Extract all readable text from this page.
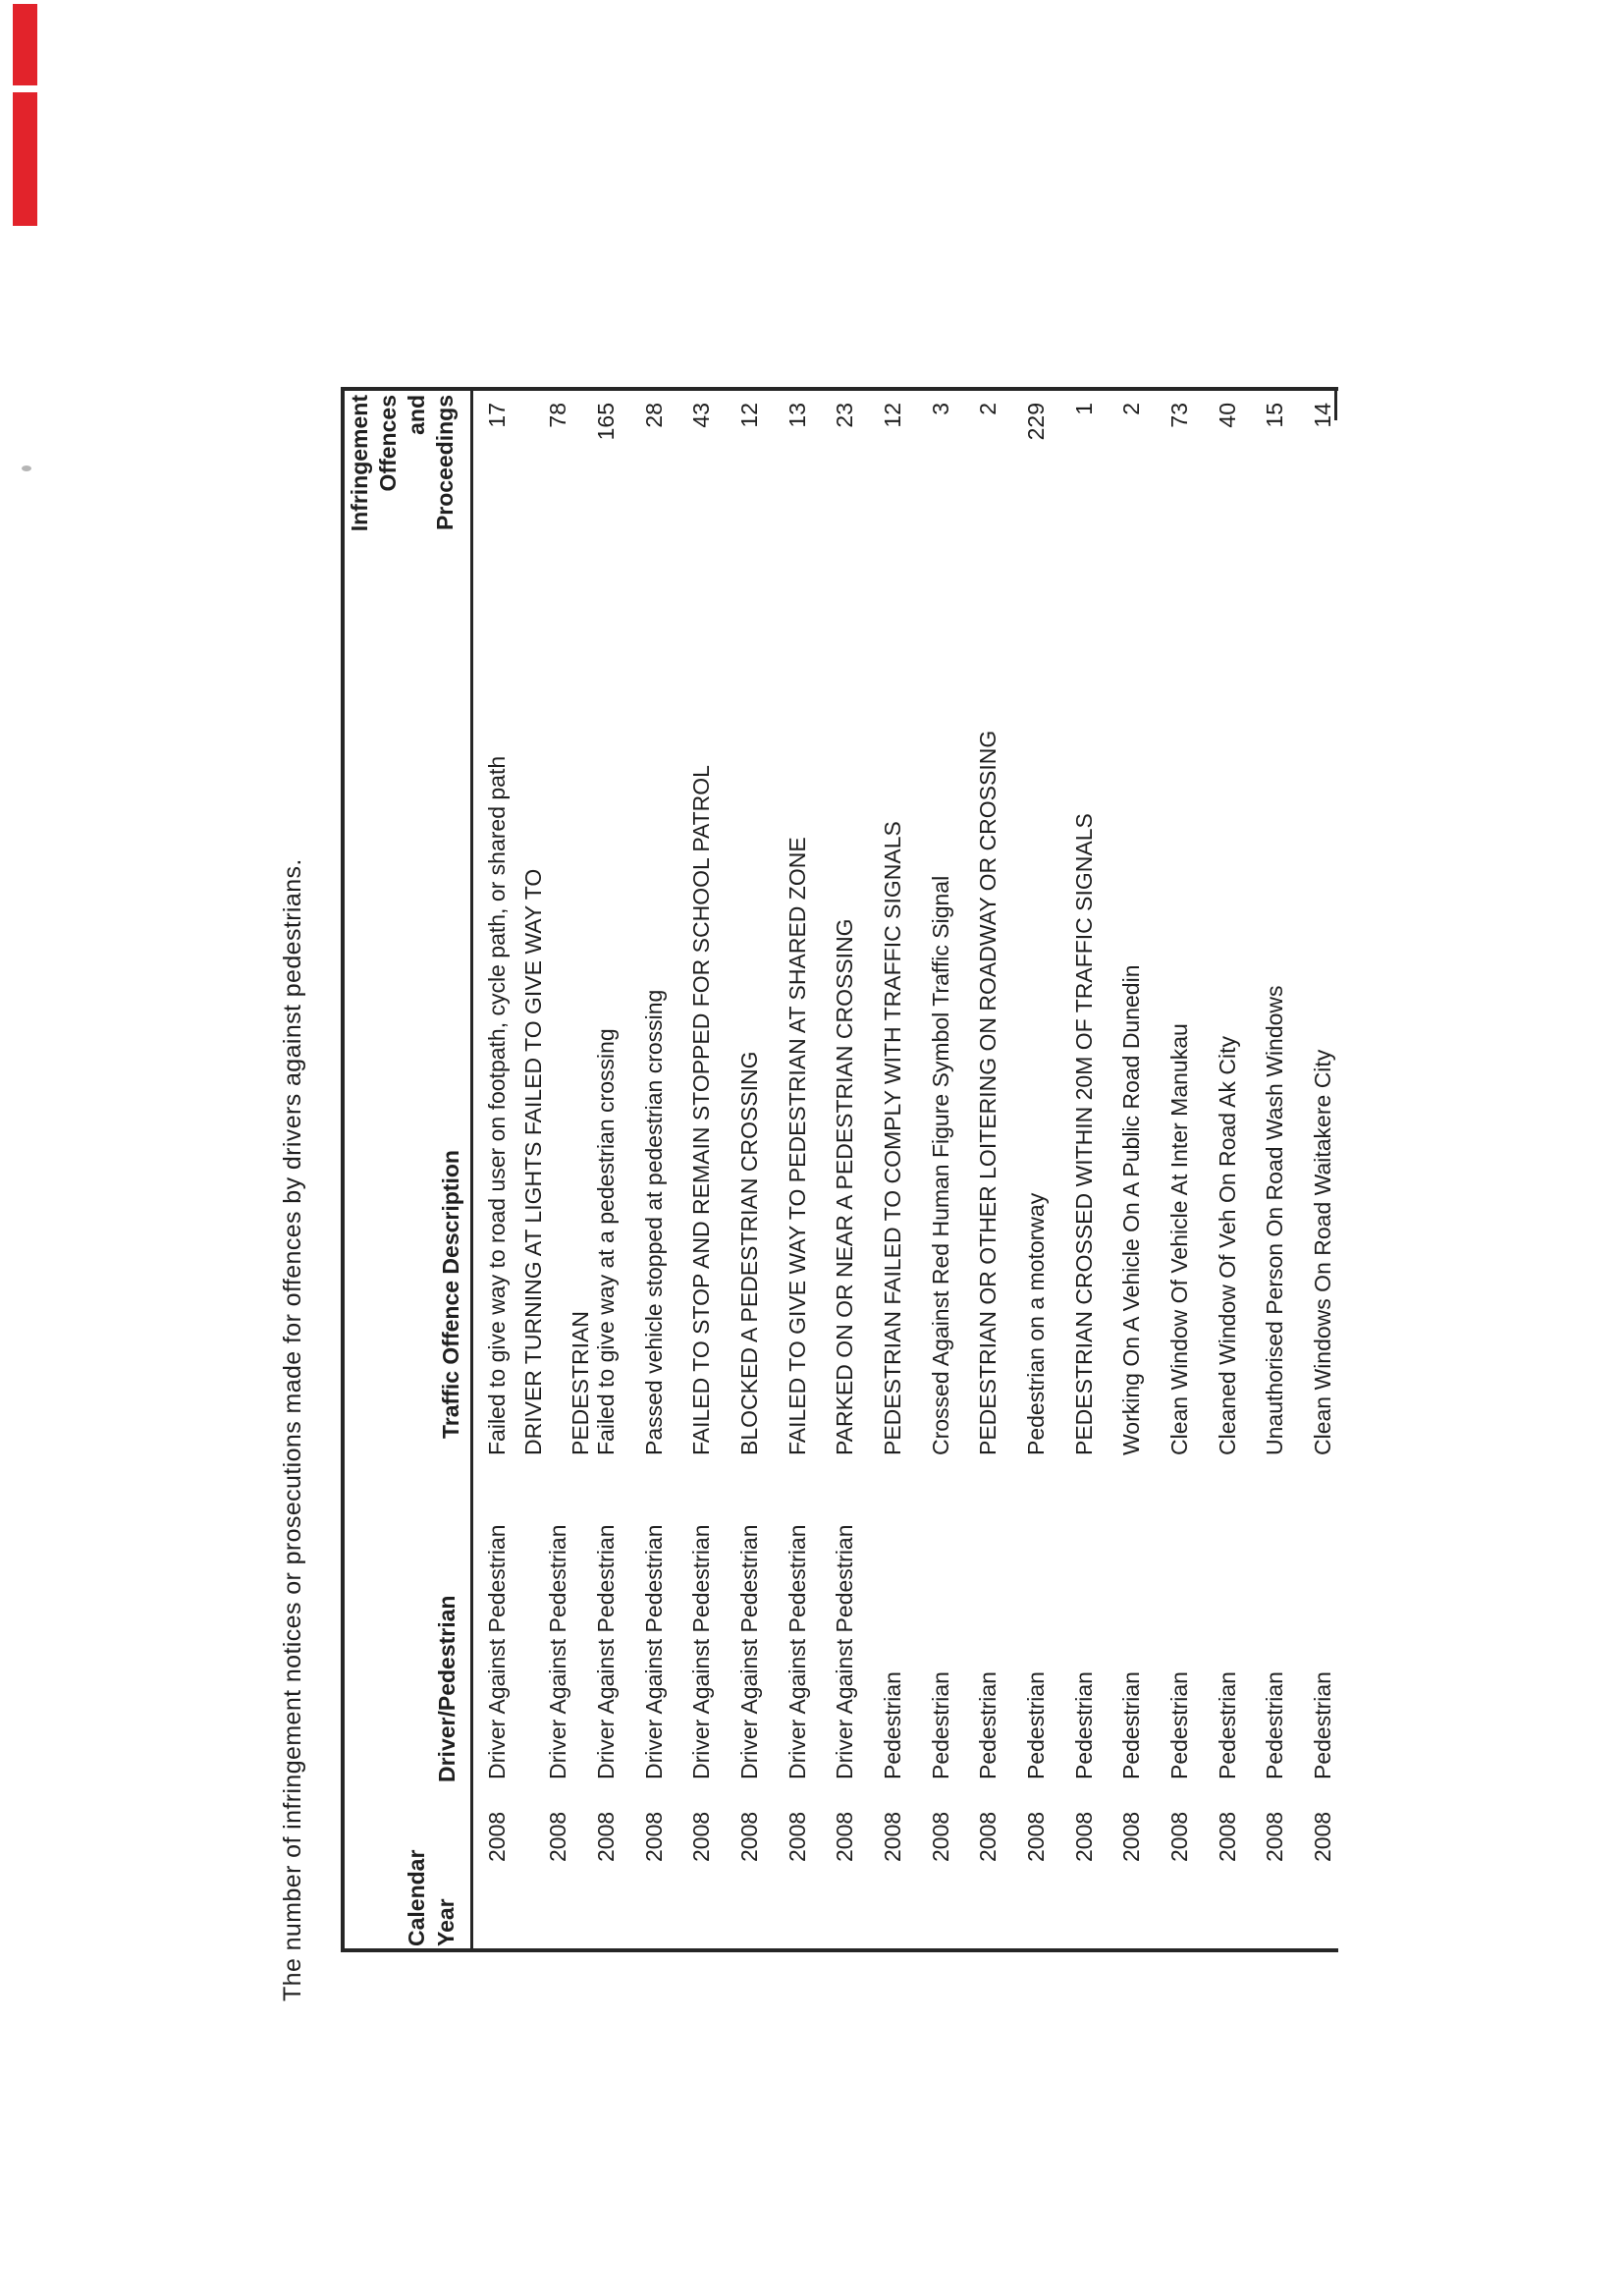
The number of infringement notices or prosecutions made for offences by drivers against pedestrians.	Calendar Year
Driver/Pedestrian
Traffic Offence Description
Infringement Offences and Proceedings
2008
Driver Against Pedestrian
Failed to give way to road user on footpath, cycle path, or shared path
17
2008
Driver Against Pedestrian
DRIVER TURNING AT LIGHTS FAILED TO GIVE WAY TO PEDESTRIAN
78
2008
Driver Against Pedestrian
Failed to give way at a pedestrian crossing
165
2008
Driver Against Pedestrian
Passed vehicle stopped at pedestrian crossing
28
2008
Driver Against Pedestrian
FAILED TO STOP AND REMAIN STOPPED FOR SCHOOL PATROL
43
2008
Driver Against Pedestrian
BLOCKED A PEDESTRIAN CROSSING
12
2008
Driver Against Pedestrian
FAILED TO GIVE WAY TO PEDESTRIAN AT SHARED ZONE
13
2008
Driver Against Pedestrian
PARKED ON OR NEAR A PEDESTRIAN CROSSING
23
2008
Pedestrian
PEDESTRIAN FAILED TO COMPLY WITH TRAFFIC SIGNALS
12
2008
Pedestrian
Crossed Against Red Human Figure Symbol Traffic Signal
3
2008
Pedestrian
PEDESTRIAN OR OTHER LOITERING ON ROADWAY OR CROSSING
2
2008
Pedestrian
Pedestrian on a motorway
229
2008
Pedestrian
PEDESTRIAN CROSSED WITHIN 20M OF TRAFFIC SIGNALS
1
2008
Pedestrian
Working On A Vehicle On A Public Road Dunedin
2
2008
Pedestrian
Clean Window Of Vehicle At Inter Manukau
73
2008
Pedestrian
Cleaned Window Of Veh On Road Ak City
40
2008
Pedestrian
Unauthorised Person On Road Wash Windows
15
2008
Pedestrian
Clean Windows On Road Waitakere City
14
